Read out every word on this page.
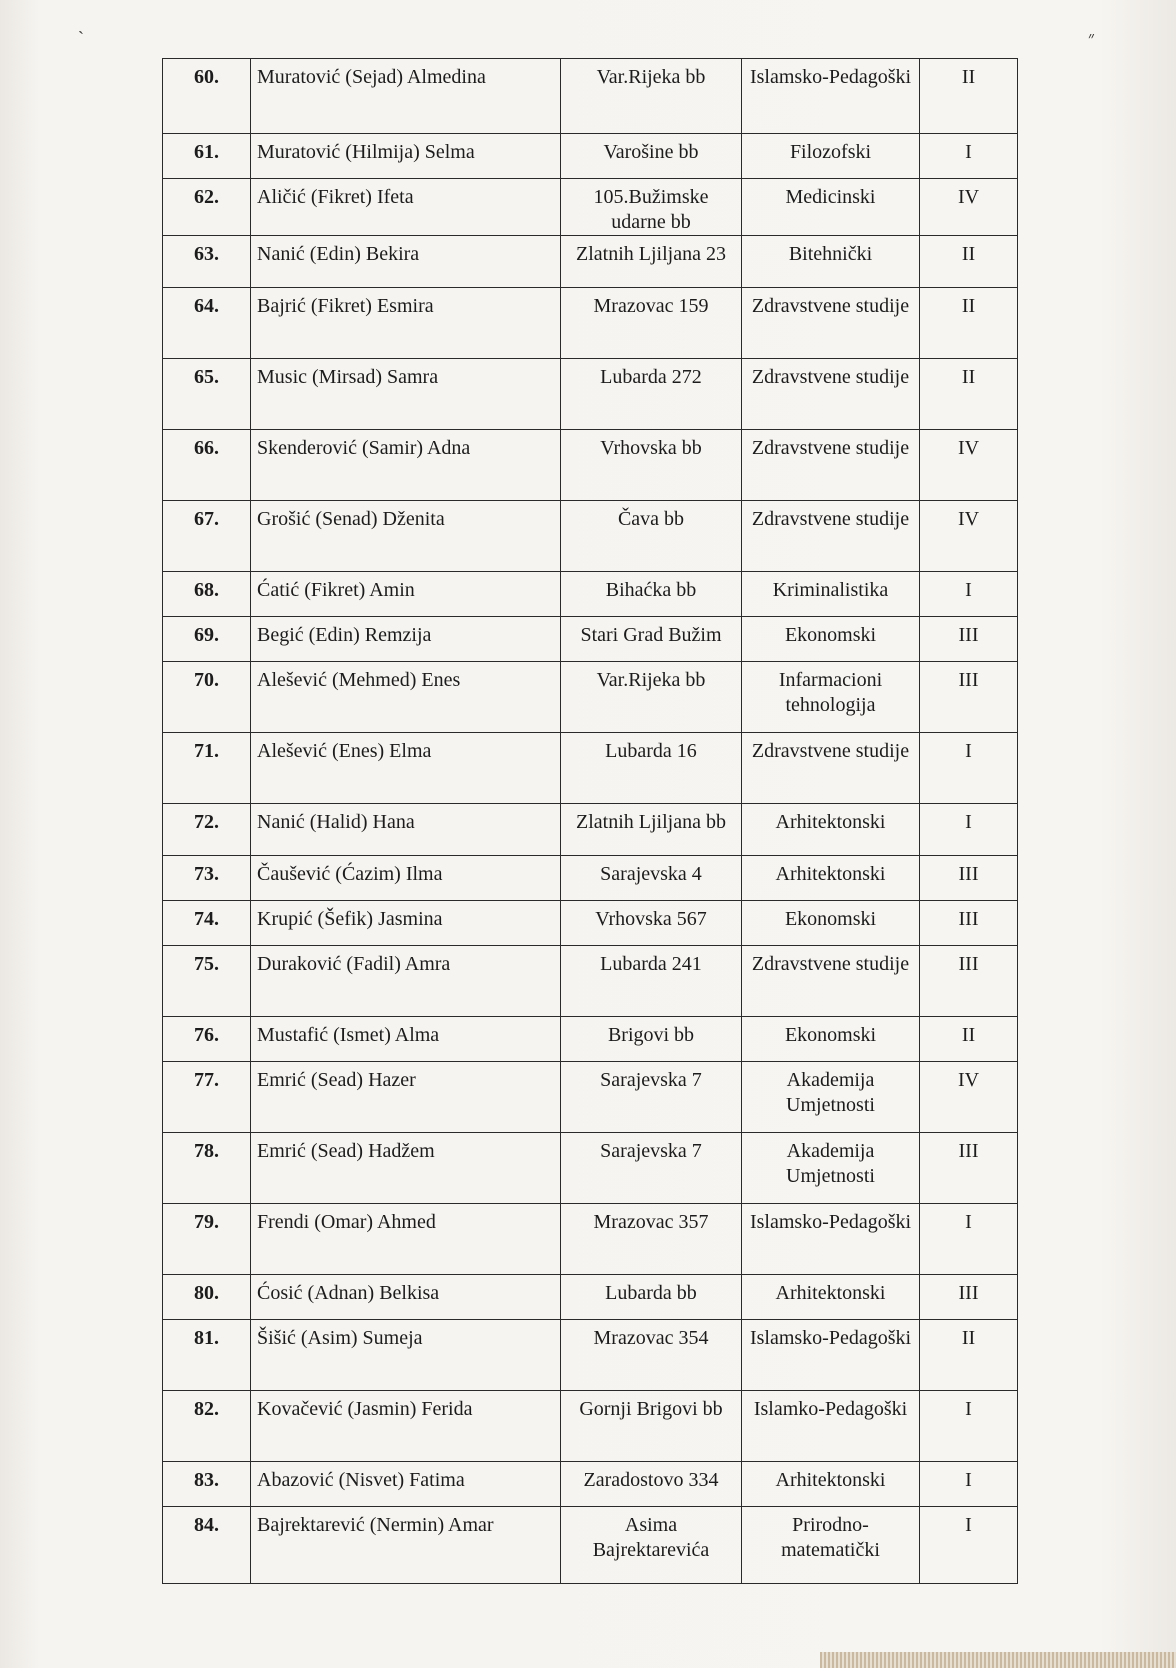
ˎ
״
60.	Muratović (Sejad) Almedina	Var.Rijeka bb	Islamsko-Pedagoški	II
61.	Muratović (Hilmija) Selma	Varošine bb	Filozofski	I
62.	Aličić (Fikret) Ifeta	105.Bužimske udarne bb	Medicinski	IV
63.	Nanić (Edin) Bekira	Zlatnih Ljiljana 23	Bitehnički	II
64.	Bajrić (Fikret) Esmira	Mrazovac 159	Zdravstvene studije	II
65.	Music (Mirsad) Samra	Lubarda 272	Zdravstvene studije	II
66.	Skenderović (Samir) Adna	Vrhovska bb	Zdravstvene studije	IV
67.	Grošić (Senad) Dženita	Čava bb	Zdravstvene studije	IV
68.	Ćatić (Fikret) Amin	Bihaćka bb	Kriminalistika	I
69.	Begić (Edin) Remzija	Stari Grad Bužim	Ekonomski	III
70.	Alešević (Mehmed) Enes	Var.Rijeka bb	Infarmacioni tehnologija	III
71.	Alešević (Enes) Elma	Lubarda 16	Zdravstvene studije	I
72.	Nanić (Halid) Hana	Zlatnih Ljiljana bb	Arhitektonski	I
73.	Čaušević (Ćazim) Ilma	Sarajevska 4	Arhitektonski	III
74.	Krupić (Šefik) Jasmina	Vrhovska 567	Ekonomski	III
75.	Duraković (Fadil) Amra	Lubarda 241	Zdravstvene studije	III
76.	Mustafić (Ismet) Alma	Brigovi bb	Ekonomski	II
77.	Emrić (Sead) Hazer	Sarajevska 7	Akademija Umjetnosti	IV
78.	Emrić (Sead) Hadžem	Sarajevska 7	Akademija Umjetnosti	III
79.	Frendi (Omar) Ahmed	Mrazovac 357	Islamsko-Pedagoški	I
80.	Ćosić (Adnan) Belkisa	Lubarda bb	Arhitektonski	III
81.	Šišić (Asim) Sumeja	Mrazovac 354	Islamsko-Pedagoški	II
82.	Kovačević (Jasmin) Ferida	Gornji Brigovi bb	Islamko-Pedagoški	I
83.	Abazović (Nisvet) Fatima	Zaradostovo 334	Arhitektonski	I
84.	Bajrektarević (Nermin) Amar	Asima Bajrektarevića	Prirodno-matematički	I
